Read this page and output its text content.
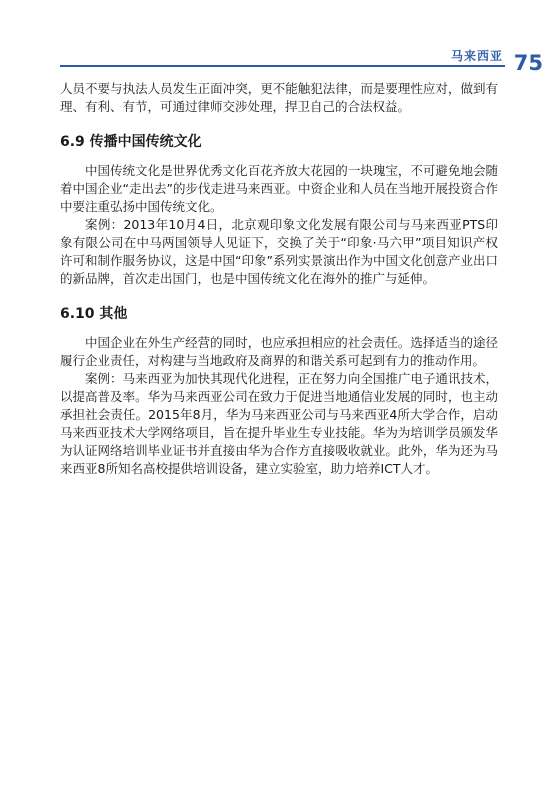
马来西亚 75

人员不要与执法人员发生正面冲突，更不能触犯法律，而是要理性应对，做到有理、有利、有节，可通过律师交涉处理，捍卫自己的合法权益。

6.9 传播中国传统文化

中国传统文化是世界优秀文化百花齐放大花园的一块瑰宝，不可避免地会随着中国企业“走出去”的步伐走进马来西亚。中资企业和人员在当地开展投资合作中要注重弘扬中国传统文化。

案例：2013年10月4日，北京观印象文化发展有限公司与马来西亚PTS印象有限公司在中马两国领导人见证下，交换了关于“印象·马六甲”项目知识产权许可和制作服务协议，这是中国“印象”系列实景演出作为中国文化创意产业出口的新品牌，首次走出国门，也是中国传统文化在海外的推广与延伸。

6.10 其他

中国企业在外生产经营的同时，也应承担相应的社会责任。选择适当的途径履行企业责任，对构建与当地政府及商界的和谐关系可起到有力的推动作用。

案例：马来西亚为加快其现代化进程，正在努力向全国推广电子通讯技术，以提高普及率。华为马来西亚公司在致力于促进当地通信业发展的同时，也主动承担社会责任。2015年8月，华为马来西亚公司与马来西亚4所大学合作，启动马来西亚技术大学网络项目，旨在提升毕业生专业技能。华为为培训学员颁发华为认证网络培训毕业证书并直接由华为合作方直接吸收就业。此外，华为还为马来西亚8所知名高校提供培训设备，建立实验室，助力培养ICT人才。
